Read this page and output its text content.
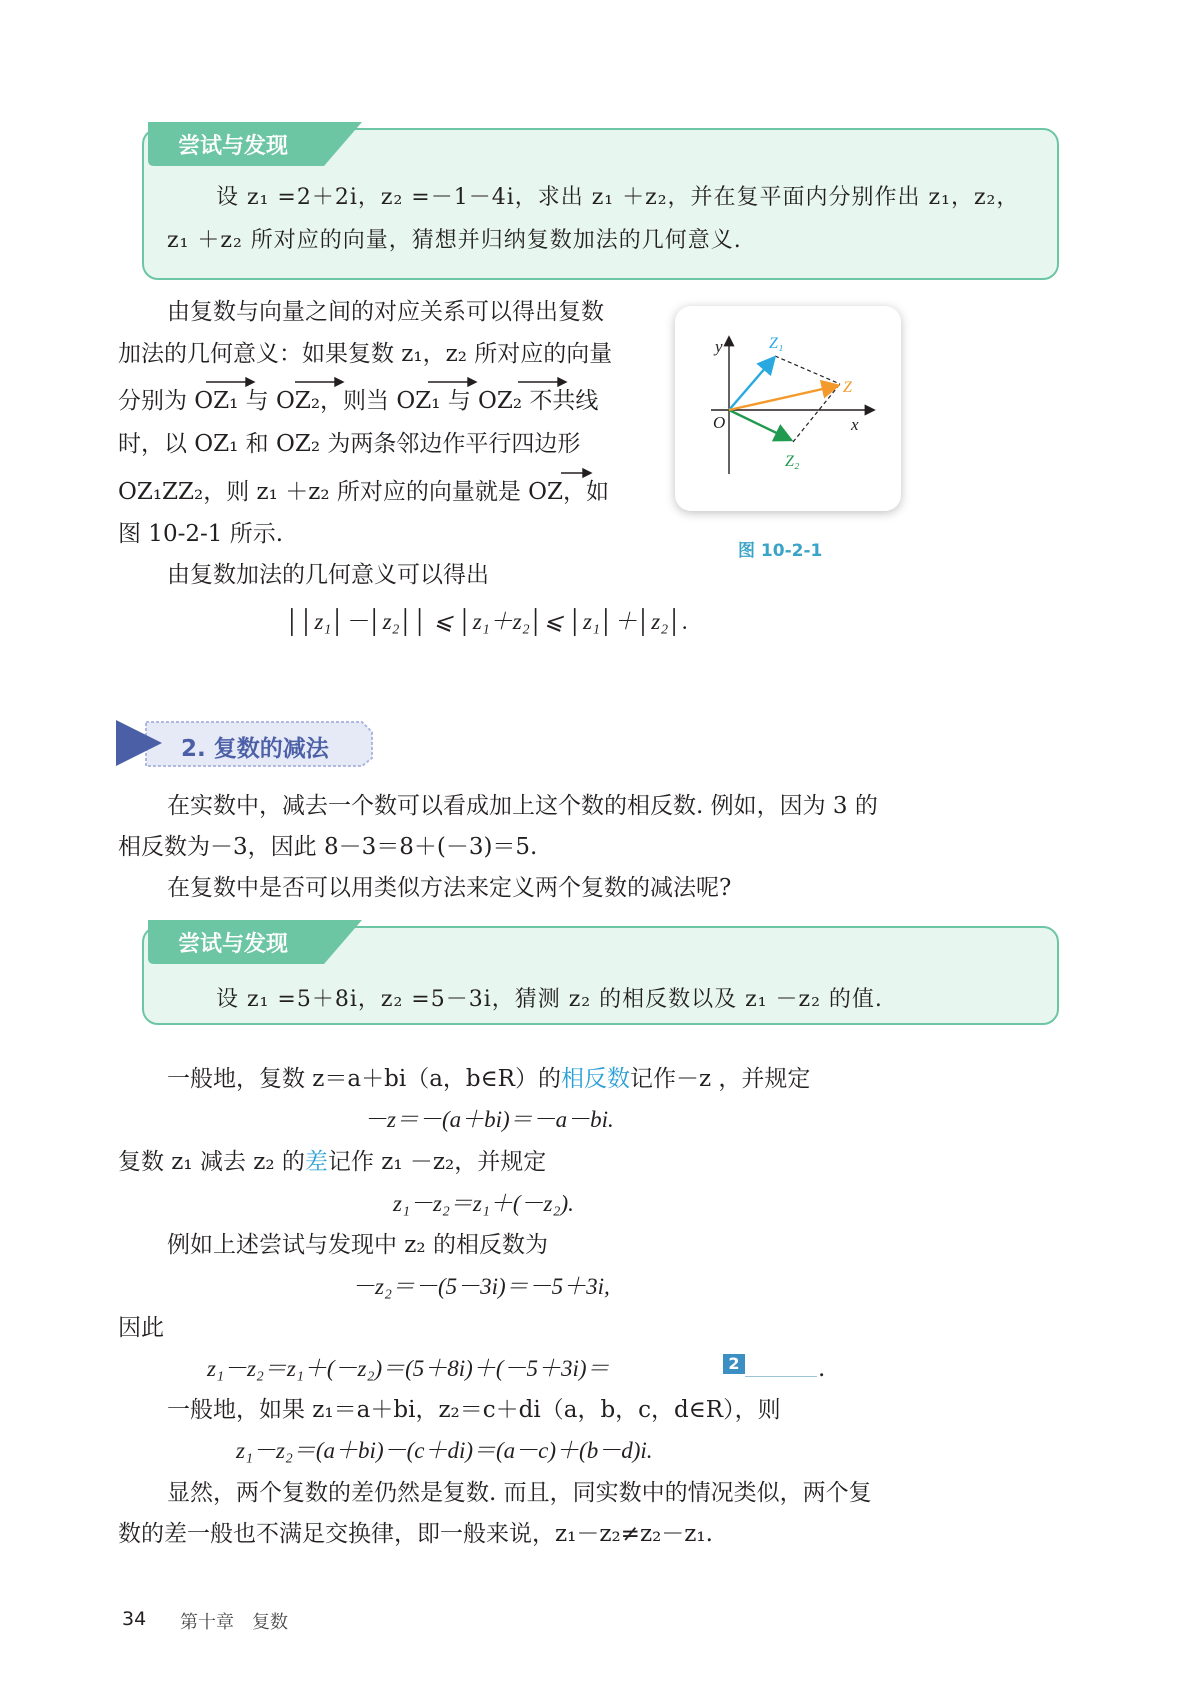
尝试与发现
设 z₁ =2＋2i，z₂ =－1－4i，求出 z₁ ＋z₂，并在复平面内分别作出 z₁，z₂，
z₁ ＋z₂ 所对应的向量，猜想并归纳复数加法的几何意义.
由复数与向量之间的对应关系可以得出复数
加法的几何意义：如果复数 z₁，z₂ 所对应的向量
分别为 OZ₁ 与 OZ₂，则当 OZ₁ 与 OZ₂ 不共线
时，以 OZ₁ 和 OZ₂ 为两条邻边作平行四边形
OZ₁ZZ₂，则 z₁ ＋z₂ 所对应的向量就是 OZ，如
图 10-2-1 所示.
由复数加法的几何意义可以得出
││z₁│－│z₂││ ⩽ │z₁＋z₂│⩽ │z₁│＋│z₂│.
y
x
O
Z₁
Z
Z₂
图 10-2-1
2. 复数的减法
在实数中，减去一个数可以看成加上这个数的相反数. 例如，因为 3 的
相反数为－3，因此 8－3＝8＋(－3)＝5.
在复数中是否可以用类似方法来定义两个复数的减法呢?
尝试与发现
设 z₁ =5＋8i，z₂ =5－3i，猜测 z₂ 的相反数以及 z₁ －z₂ 的值.
一般地，复数 z＝a＋bi（a，b∈R）的相反数记作－z ，并规定
－z＝－(a＋bi)＝－a－bi.
复数 z₁ 减去 z₂ 的差记作 z₁ －z₂，并规定
z₁－z₂＝z₁＋(－z₂).
例如上述尝试与发现中 z₂ 的相反数为
－z₂＝－(5－3i)＝－5＋3i,
因此
z₁－z₂＝z₁＋(－z₂)＝(5＋8i)＋(－5＋3i)＝	2	.
一般地，如果 z₁＝a＋bi，z₂＝c＋di（a，b，c，d∈R），则
z₁－z₂＝(a＋bi)－(c＋di)＝(a－c)＋(b－d)i.
显然，两个复数的差仍然是复数. 而且，同实数中的情况类似，两个复
数的差一般也不满足交换律，即一般来说，z₁－z₂≠z₂－z₁.
34 第十章　复数
